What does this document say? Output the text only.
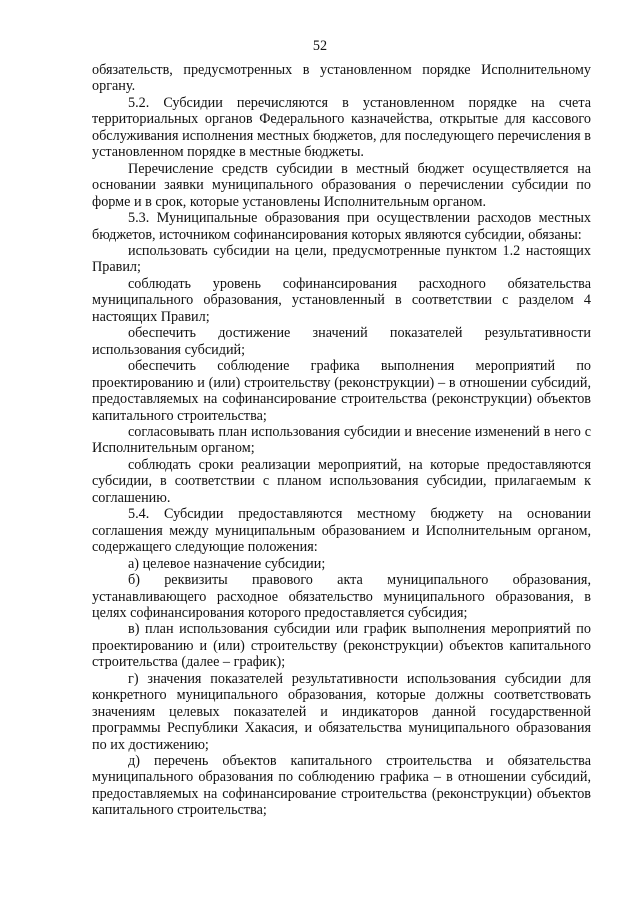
52

обязательств, предусмотренных в установленном порядке Исполнительному органу.

5.2. Субсидии перечисляются в установленном порядке на счета территориальных органов Федерального казначейства, открытые для кассового обслуживания исполнения местных бюджетов, для последующего перечисления в установленном порядке в местные бюджеты.

Перечисление средств субсидии в местный бюджет осуществляется на основании заявки муниципального образования о перечислении субсидии по форме и в срок, которые установлены Исполнительным органом.

5.3. Муниципальные образования при осуществлении расходов местных бюджетов, источником софинансирования которых являются субсидии, обязаны:

использовать субсидии на цели, предусмотренные пунктом 1.2 настоящих Правил;

соблюдать уровень софинансирования расходного обязательства муниципального образования, установленный в соответствии с разделом 4 настоящих Правил;

обеспечить достижение значений показателей результативности использования субсидий;

обеспечить соблюдение графика выполнения мероприятий по проектированию и (или) строительству (реконструкции) – в отношении субсидий, предоставляемых на софинансирование строительства (реконструкции) объектов капитального строительства;

согласовывать план использования субсидии и внесение изменений в него с Исполнительным органом;

соблюдать сроки реализации мероприятий, на которые предоставляются субсидии, в соответствии с планом использования субсидии, прилагаемым к соглашению.

5.4. Субсидии предоставляются местному бюджету на основании соглашения между муниципальным образованием и Исполнительным органом, содержащего следующие положения:

а) целевое назначение субсидии;

б) реквизиты правового акта муниципального образования, устанавливающего расходное обязательство муниципального образования, в целях софинансирования которого предоставляется субсидия;

в) план использования субсидии или график выполнения мероприятий по проектированию и (или) строительству (реконструкции) объектов капитального строительства (далее – график);

г) значения показателей результативности использования субсидии для конкретного муниципального образования, которые должны соответствовать значениям целевых показателей и индикаторов данной государственной программы Республики Хакасия, и обязательства муниципального образования по их достижению;

д) перечень объектов капитального строительства и обязательства муниципального образования по соблюдению графика – в отношении субсидий, предоставляемых на софинансирование строительства (реконструкции) объектов капитального строительства;
